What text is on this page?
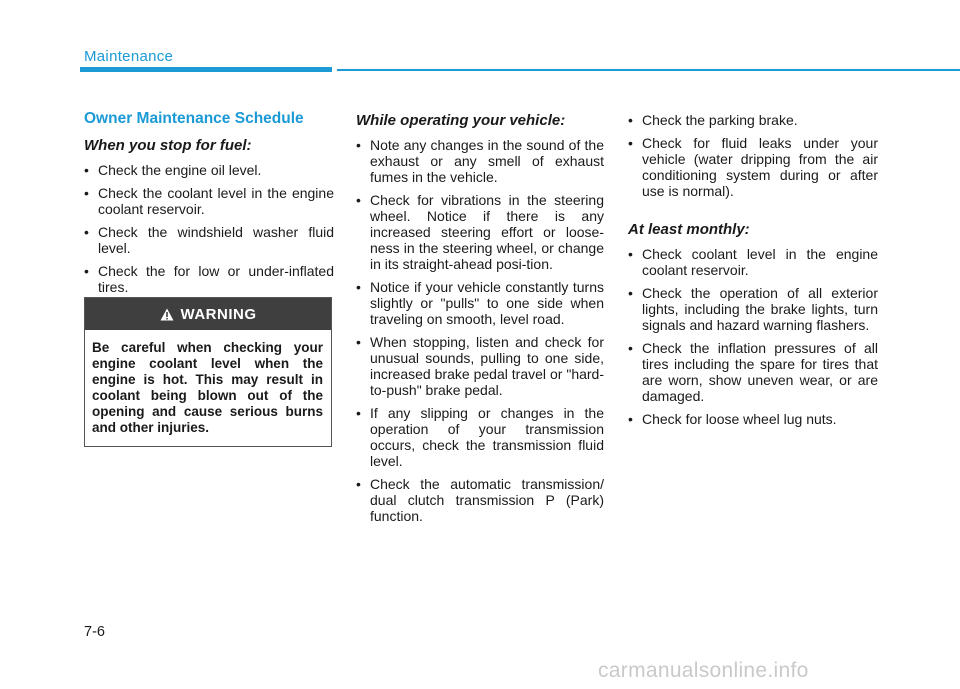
Maintenance
Owner Maintenance Schedule
When you stop for fuel:
• Check the engine oil level.
• Check the coolant level in the engine coolant reservoir.
• Check the windshield washer fluid level.
• Check the for low or under-inflated tires.
WARNING
Be careful when checking your engine coolant level when the engine is hot. This may result in coolant being blown out of the opening and cause serious burns and other injuries.
While operating your vehicle:
• Note any changes in the sound of the exhaust or any smell of exhaust fumes in the vehicle.
• Check for vibrations in the steering wheel. Notice if there is any increased steering effort or loose-ness in the steering wheel, or change in its straight-ahead posi-tion.
• Notice if your vehicle constantly turns slightly or "pulls" to one side when traveling on smooth, level road.
• When stopping, listen and check for unusual sounds, pulling to one side, increased brake pedal travel or "hard-to-push" brake pedal.
• If any slipping or changes in the operation of your transmission occurs, check the transmission fluid level.
• Check the automatic transmission/ dual clutch transmission P (Park) function.
• Check the parking brake.
• Check for fluid leaks under your vehicle (water dripping from the air conditioning system during or after use is normal).
At least monthly:
• Check coolant level in the engine coolant reservoir.
• Check the operation of all exterior lights, including the brake lights, turn signals and hazard warning flashers.
• Check the inflation pressures of all tires including the spare for tires that are worn, show uneven wear, or are damaged.
• Check for loose wheel lug nuts.
7-6
carmanualsonline.info
